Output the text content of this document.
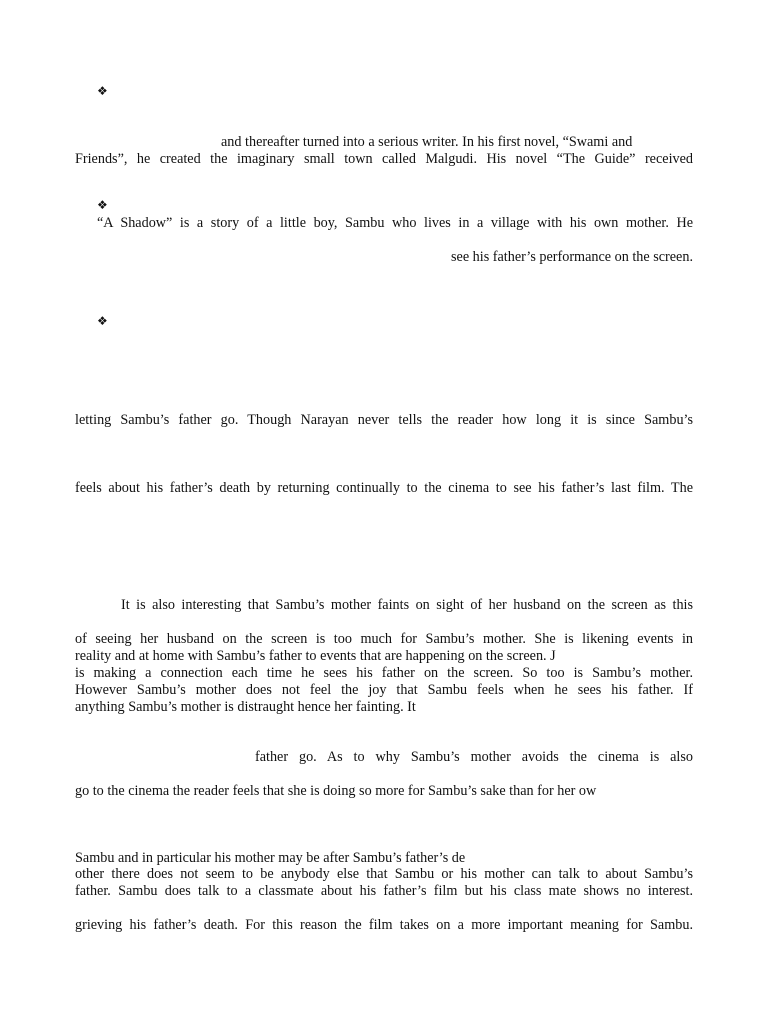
❖
and thereafter turned into a serious writer. In his first novel, “Swami and
Friends”, he created the imaginary small town called Malgudi. His novel “The Guide” received
❖
“A Shadow” is a story of a little boy, Sambu who lives in a village with his own mother. He
see his father’s performance on the screen.
❖
letting Sambu’s father go. Though Narayan never tells the reader how long it is since Sambu’s
feels about his father’s death by returning continually to the cinema to see his father’s last film. The
It is also interesting that Sambu’s mother faints on sight of her husband on the screen as this
of seeing her husband on the screen is too much for Sambu’s mother. She is likening events in
reality and at home with Sambu’s father to events that are happening on the screen. J
is making a connection each time he sees his father on the screen. So too is Sambu’s mother.
However Sambu’s mother does not feel the joy that Sambu feels when he sees his father. If
anything Sambu’s mother is distraught hence her fainting. It
father go. As to why Sambu’s mother avoids the cinema is also
go to the cinema the reader feels that she is doing so more for Sambu’s sake than for her ow
Sambu and in particular his mother may be after Sambu’s father’s de
other there does not seem to be anybody else that Sambu or his mother can talk to about Sambu’s
father. Sambu does talk to a classmate about his father’s film but his class mate shows no interest.
grieving his father’s death. For this reason the film takes on a more important meaning for Sambu.
